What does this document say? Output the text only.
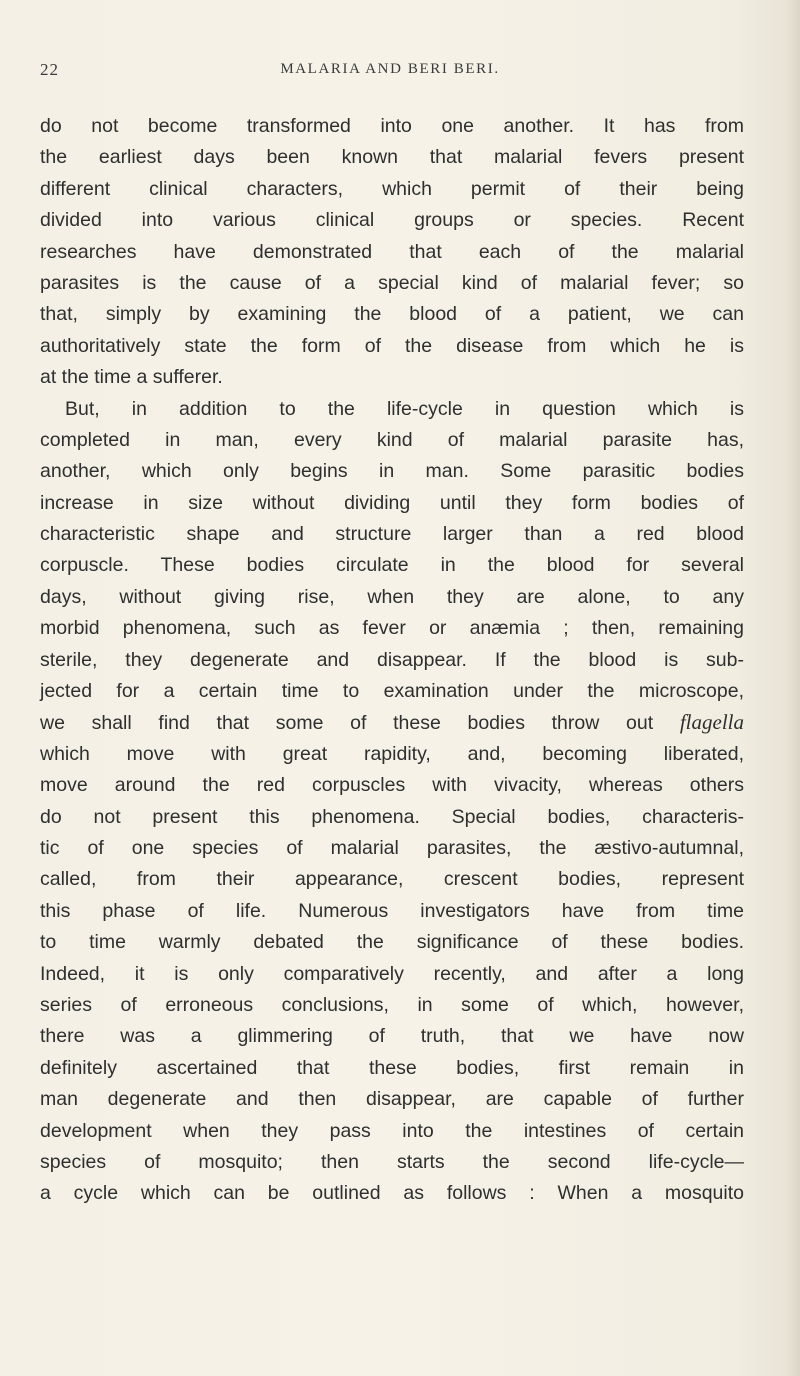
22	MALARIA AND BERI BERI.
do not become transformed into one another. It has from
the earliest days been known that malarial fevers present
different clinical characters, which permit of their being
divided into various clinical groups or species. Recent
researches have demonstrated that each of the malarial
parasites is the cause of a special kind of malarial fever; so
that, simply by examining the blood of a patient, we can
authoritatively state the form of the disease from which he is
at the time a sufferer.
But, in addition to the life-cycle in question which is
completed in man, every kind of malarial parasite has,
another, which only begins in man. Some parasitic bodies
increase in size without dividing until they form bodies of
characteristic shape and structure larger than a red blood
corpuscle. These bodies circulate in the blood for several
days, without giving rise, when they are alone, to any
morbid phenomena, such as fever or anæmia ; then, remaining
sterile, they degenerate and disappear. If the blood is sub-
jected for a certain time to examination under the microscope,
we shall find that some of these bodies throw out flagella
which move with great rapidity, and, becoming liberated,
move around the red corpuscles with vivacity, whereas others
do not present this phenomena. Special bodies, characteris-
tic of one species of malarial parasites, the æstivo-autumnal,
called, from their appearance, crescent bodies, represent
this phase of life. Numerous investigators have from time
to time warmly debated the significance of these bodies.
Indeed, it is only comparatively recently, and after a long
series of erroneous conclusions, in some of which, however,
there was a glimmering of truth, that we have now
definitely ascertained that these bodies, first remain in
man degenerate and then disappear, are capable of further
development when they pass into the intestines of certain
species of mosquito; then starts the second life-cycle—
a cycle which can be outlined as follows : When a mosquito
